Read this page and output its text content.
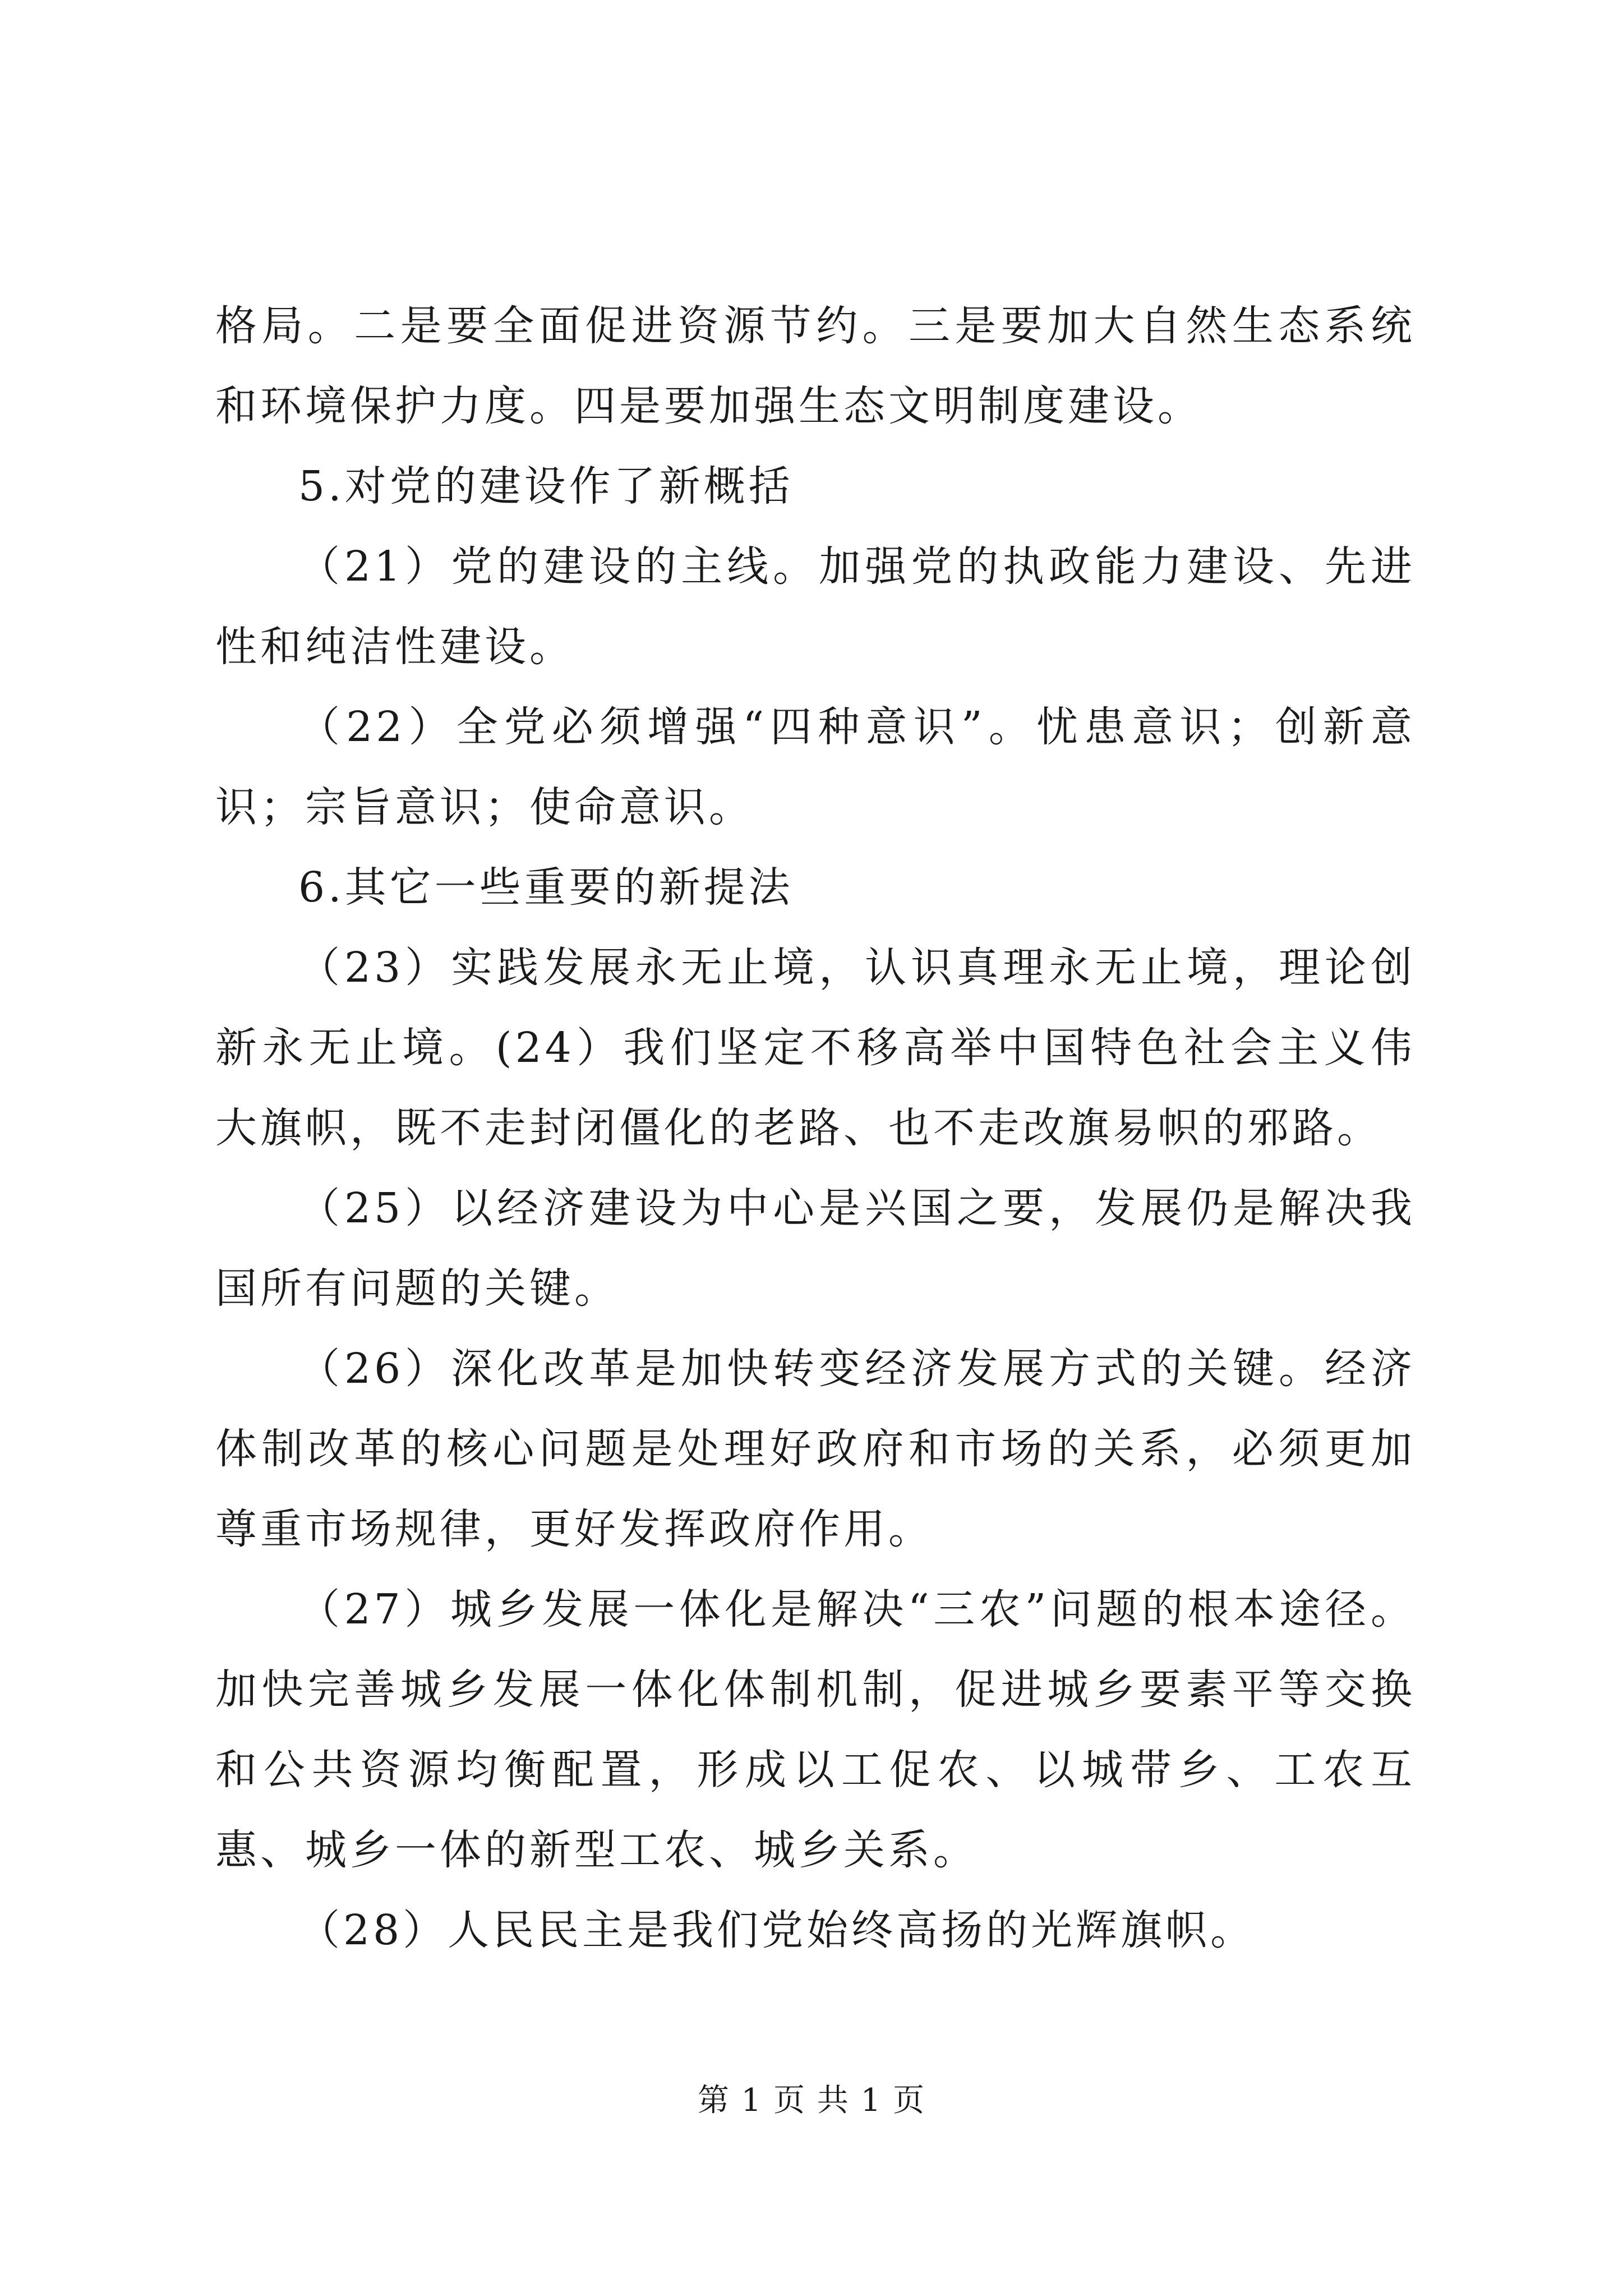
格局。二是要全面促进资源节约。三是要加大自然生态系统和环境保护力度。四是要加强生态文明制度建设。

5.对党的建设作了新概括

（21）党的建设的主线。加强党的执政能力建设、先进性和纯洁性建设。

（22）全党必须增强“四种意识”。忧患意识；创新意识；宗旨意识；使命意识。

6.其它一些重要的新提法

（23）实践发展永无止境，认识真理永无止境，理论创新永无止境。(24）我们坚定不移高举中国特色社会主义伟大旗帜，既不走封闭僵化的老路、也不走改旗易帜的邪路。

（25）以经济建设为中心是兴国之要，发展仍是解决我国所有问题的关键。

（26）深化改革是加快转变经济发展方式的关键。经济体制改革的核心问题是处理好政府和市场的关系，必须更加尊重市场规律，更好发挥政府作用。

（27）城乡发展一体化是解决“三农”问题的根本途径。加快完善城乡发展一体化体制机制，促进城乡要素平等交换和公共资源均衡配置，形成以工促农、以城带乡、工农互惠、城乡一体的新型工农、城乡关系。

（28）人民民主是我们党始终高扬的光辉旗帜。

第 1 页 共 1 页
